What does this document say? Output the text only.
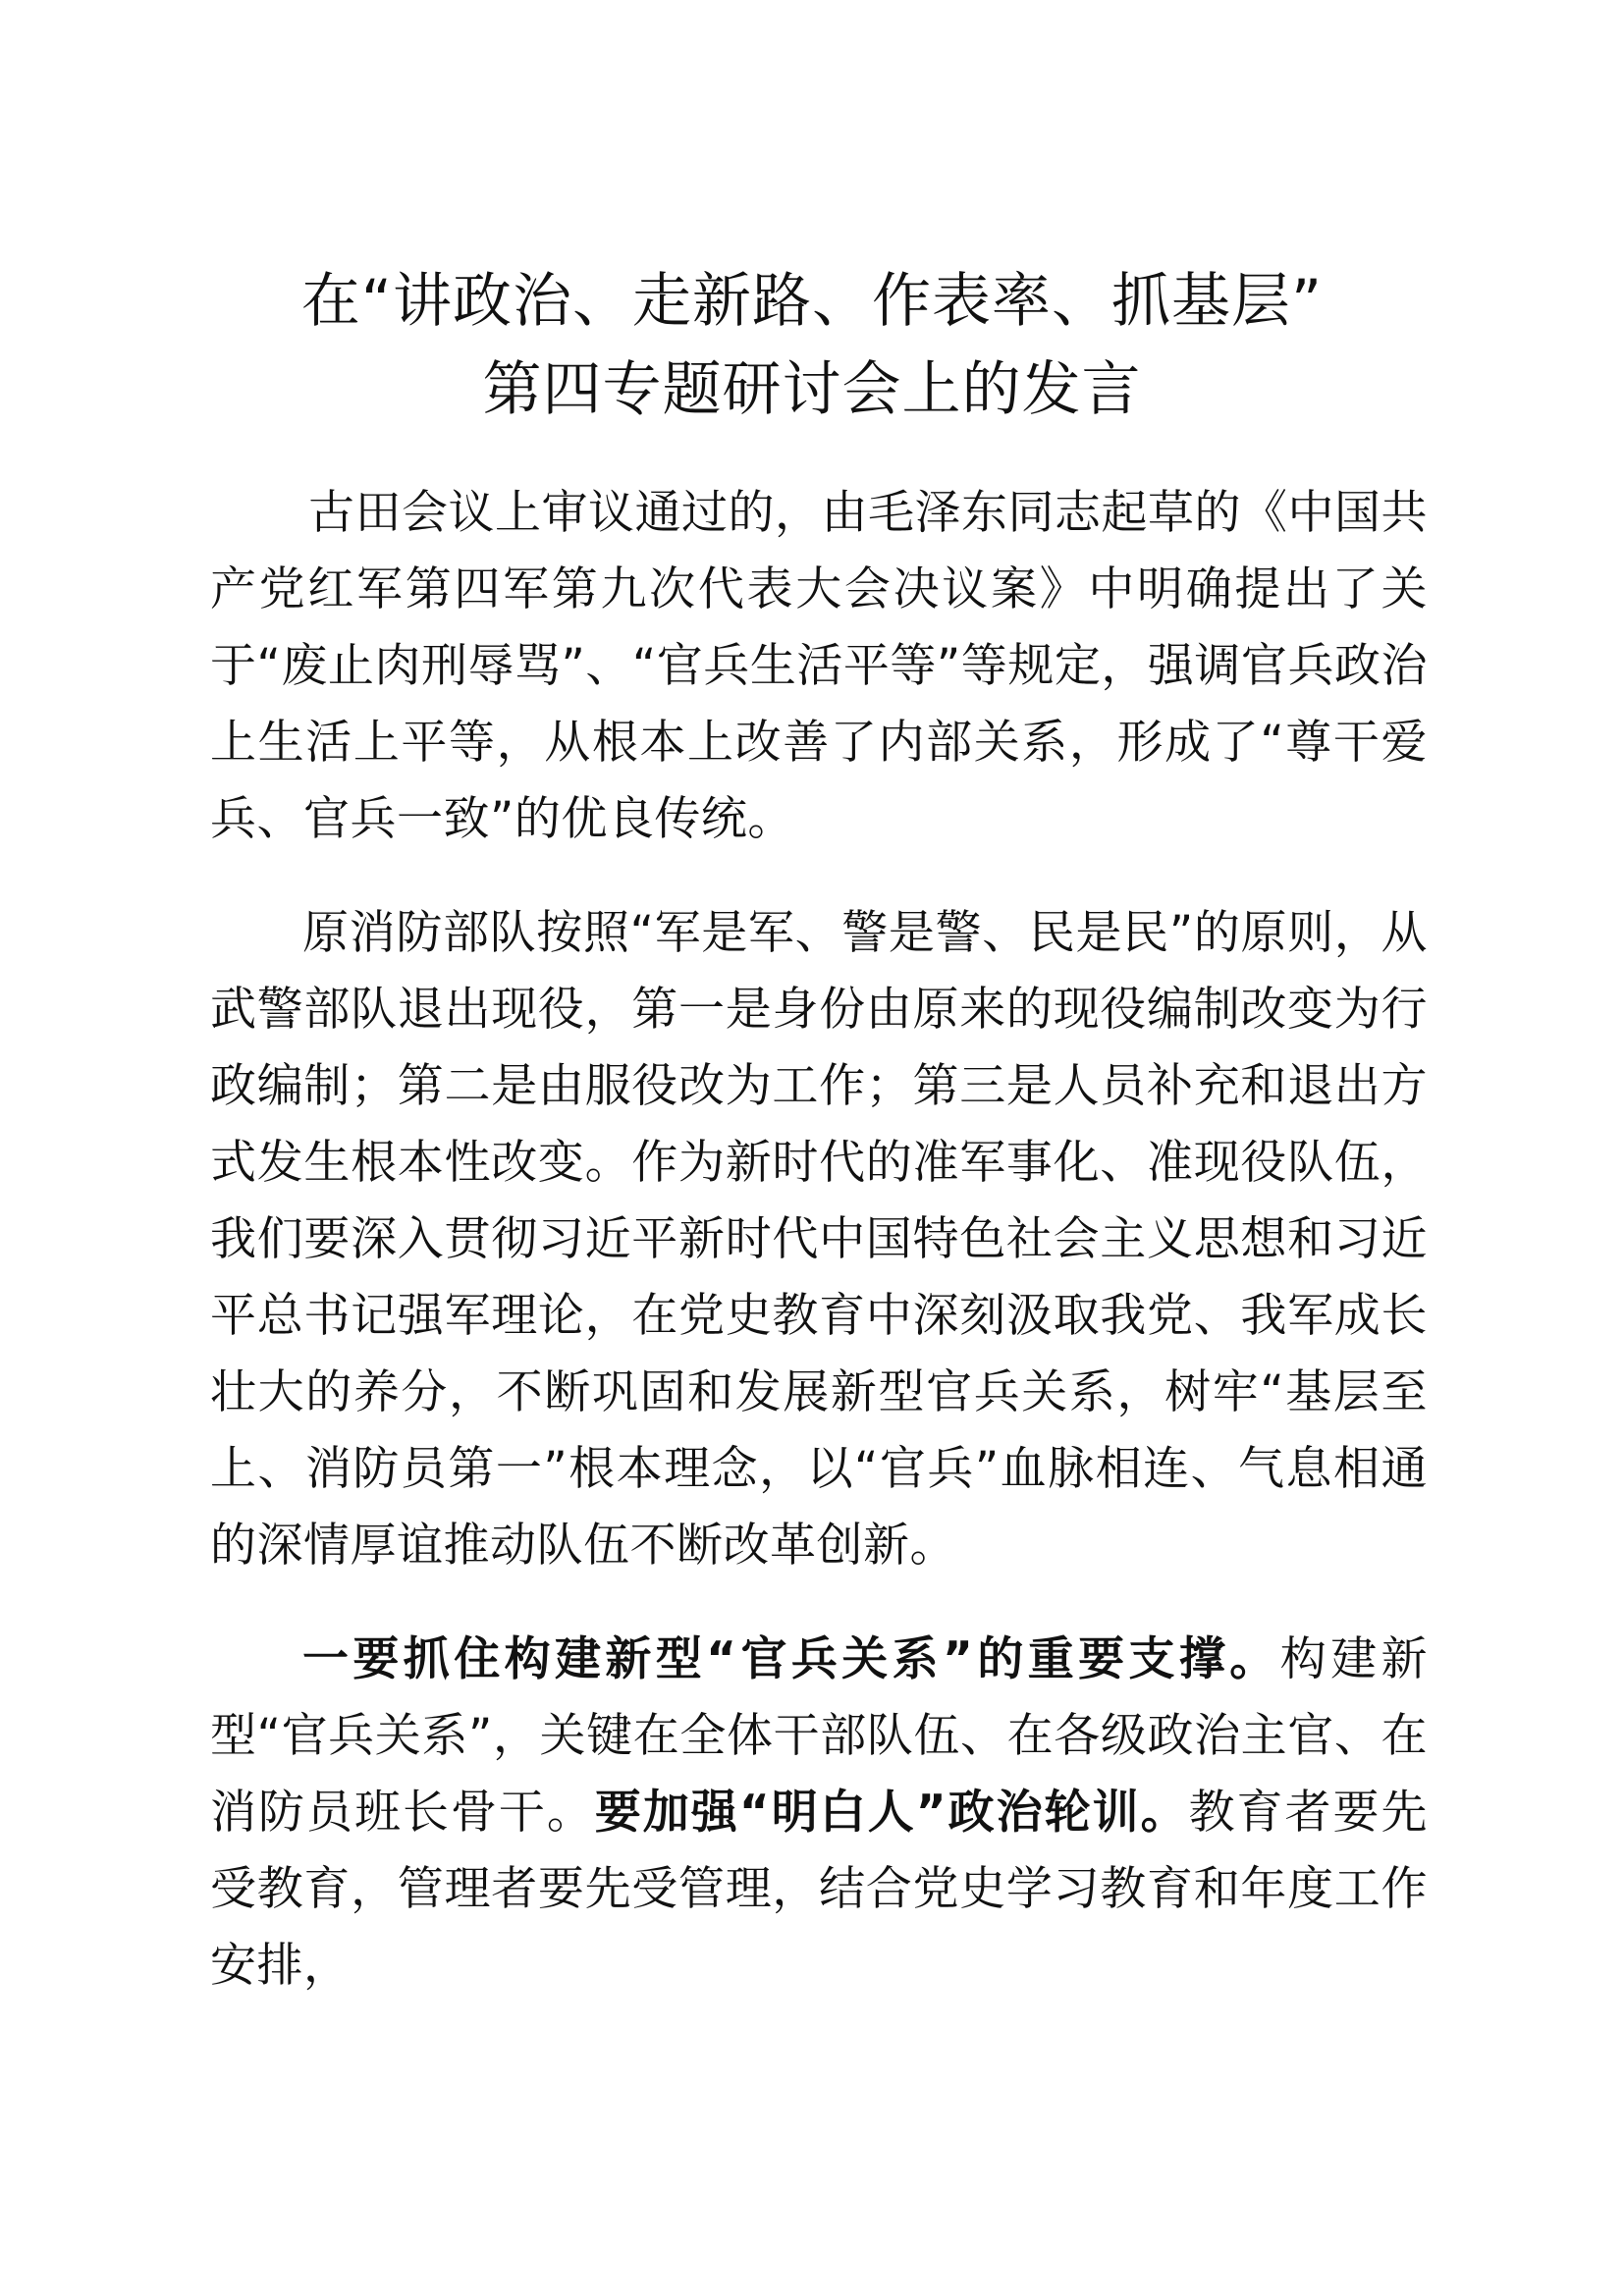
在“讲政治、走新路、作表率、抓基层”
第四专题研讨会上的发言

古田会议上审议通过的，由毛泽东同志起草的《中国共产党红军第四军第九次代表大会决议案》中明确提出了关于“废止肉刑辱骂”、“官兵生活平等”等规定，强调官兵政治上生活上平等，从根本上改善了内部关系，形成了“尊干爱兵、官兵一致”的优良传统。

原消防部队按照“军是军、警是警、民是民”的原则，从武警部队退出现役，第一是身份由原来的现役编制改变为行政编制；第二是由服役改为工作；第三是人员补充和退出方式发生根本性改变。作为新时代的准军事化、准现役队伍，我们要深入贯彻习近平新时代中国特色社会主义思想和习近平总书记强军理论，在党史教育中深刻汲取我党、我军成长壮大的养分，不断巩固和发展新型官兵关系，树牢“基层至上、消防员第一”根本理念，以“官兵”血脉相连、气息相通的深情厚谊推动队伍不断改革创新。

一要抓住构建新型“官兵关系”的重要支撑。构建新型“官兵关系”，关键在全体干部队伍、在各级政治主官、在消防员班长骨干。要加强“明白人”政治轮训。教育者要先受教育，管理者要先受管理，结合党史学习教育和年度工作安排，
